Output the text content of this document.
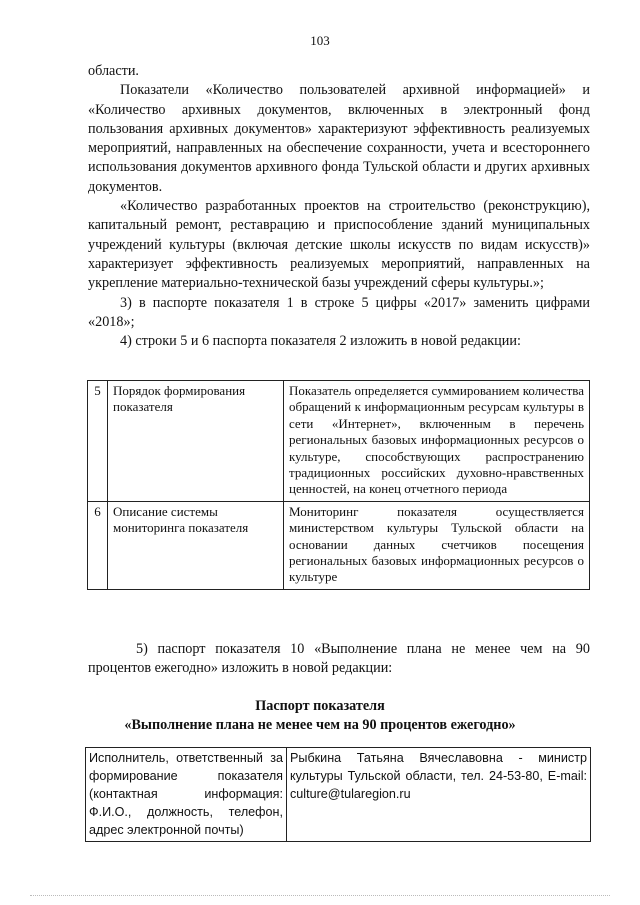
103

области.

Показатели «Количество пользователей архивной информацией» и «Количество архивных документов, включенных в электронный фонд пользования архивных документов» характеризуют эффективность реализуемых мероприятий, направленных на обеспечение сохранности, учета и всестороннего использования документов архивного фонда Тульской области и других архивных документов.

«Количество разработанных проектов на строительство (реконструкцию), капитальный ремонт, реставрацию и приспособление зданий муниципальных учреждений культуры (включая детские школы искусств по видам искусств)» характеризует эффективность реализуемых мероприятий, направленных на укрепление материально-технической базы учреждений сферы культуры.»;

3) в паспорте показателя 1 в строке 5 цифры «2017» заменить цифрами «2018»;

4) строки 5 и 6 паспорта показателя 2 изложить в новой редакции:

5	Порядок формирования показателя	Показатель определяется суммированием количества обращений к информационным ресурсам культуры в сети «Интернет», включенным в перечень региональных базовых информационных ресурсов о культуре, способствующих распространению традиционных российских духовно-нравственных ценностей, на конец отчетного периода
6	Описание системы мониторинга показателя	Мониторинг показателя осуществляется министерством культуры Тульской области на основании данных счетчиков посещения региональных базовых информационных ресурсов о культуре

5) паспорт показателя 10 «Выполнение плана не менее чем на 90 процентов ежегодно» изложить в новой редакции:

Паспорт показателя
«Выполнение плана не менее чем на 90 процентов ежегодно»
Исполнитель, ответственный за формирование показателя (контактная информация: Ф.И.О., должность, телефон, адрес электронной почты)	Рыбкина Татьяна Вячеславовна - министр культуры Тульской области, тел. 24-53-80, E-mail: culture@tularegion.ru
